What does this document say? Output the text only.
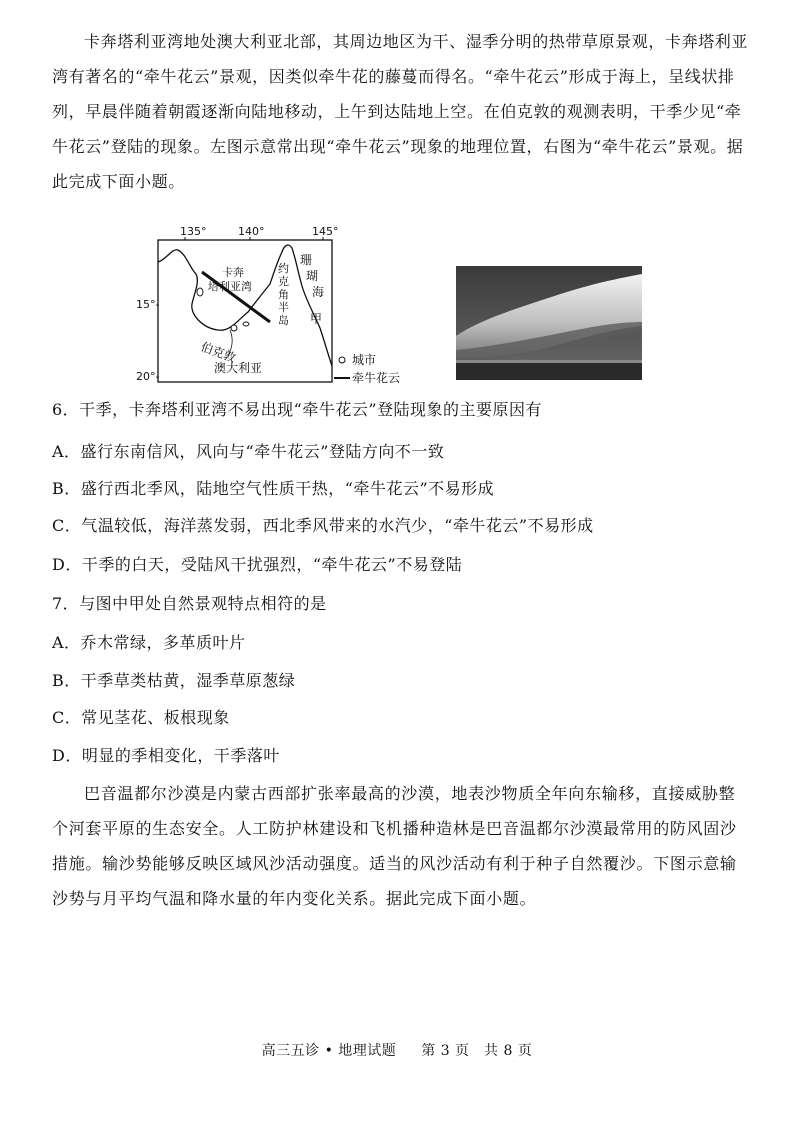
卡奔塔利亚湾地处澳大利亚北部，其周边地区为干、湿季分明的热带草原景观，卡奔塔利亚湾有著名的“牵牛花云”景观，因类似牵牛花的藤蔓而得名。“牵牛花云”形成于海上，呈线状排列，早晨伴随着朝霞逐渐向陆地移动，上午到达陆地上空。在伯克敦的观测表明，干季少见“牵牛花云”登陆的现象。左图示意常出现“牵牛花云”现象的地理位置，右图为“牵牛花云”景观。据此完成下面小题。

135°	140°	145°
15°-
20°-
卡奔
塔利亚湾
约
克
角
半
岛
珊
瑚
海
甲
伯克敦
澳大利亚
城市
牵牛花云

6．干季，卡奔塔利亚湾不易出现“牵牛花云”登陆现象的主要原因有

A．盛行东南信风，风向与“牵牛花云”登陆方向不一致

B．盛行西北季风，陆地空气性质干热，“牵牛花云”不易形成

C．气温较低，海洋蒸发弱，西北季风带来的水汽少，“牵牛花云”不易形成

D．干季的白天，受陆风干扰强烈，“牵牛花云”不易登陆

7．与图中甲处自然景观特点相符的是

A．乔木常绿，多革质叶片

B．干季草类枯黄，湿季草原葱绿

C．常见茎花、板根现象

D．明显的季相变化，干季落叶

巴音温都尔沙漠是内蒙古西部扩张率最高的沙漠，地表沙物质全年向东输移，直接威胁整个河套平原的生态安全。人工防护林建设和飞机播种造林是巴音温都尔沙漠最常用的防风固沙措施。输沙势能够反映区域风沙活动强度。适当的风沙活动有利于种子自然覆沙。下图示意输沙势与月平均气温和降水量的年内变化关系。据此完成下面小题。

高三五诊 • 地理试题 第 3 页　共 8 页
